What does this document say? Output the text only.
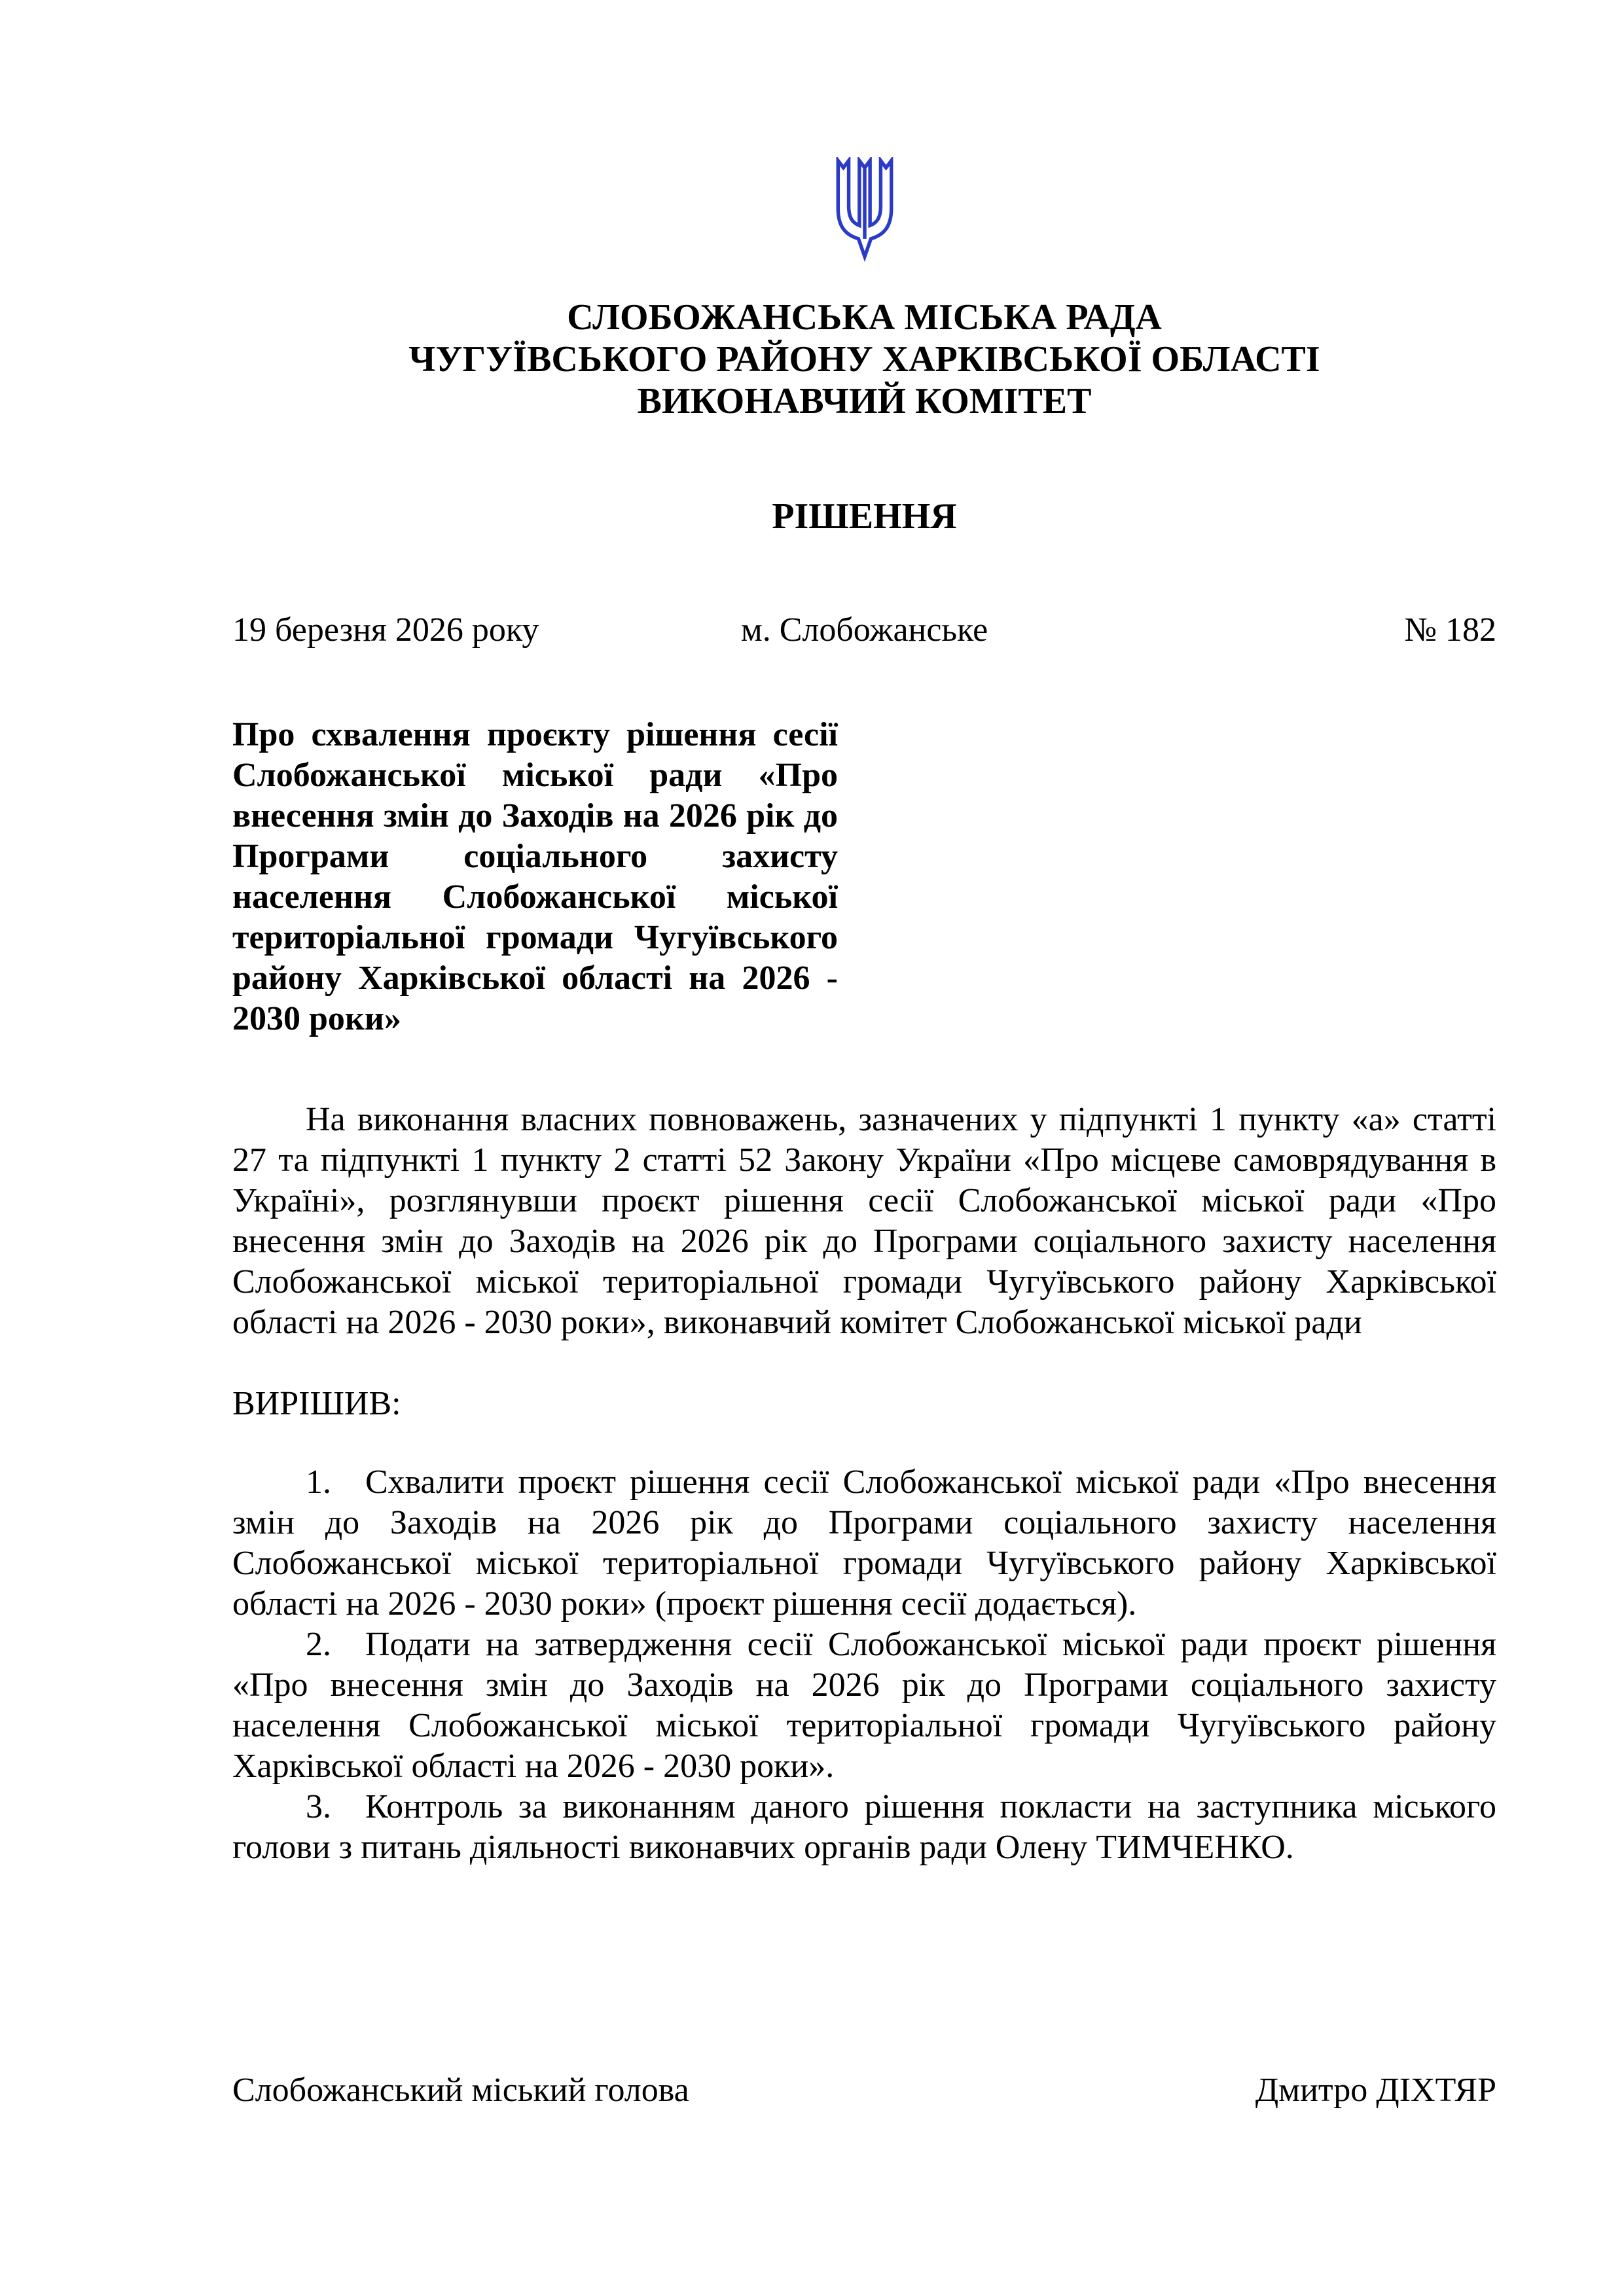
СЛОБОЖАНСЬКА МІСЬКА РАДА
ЧУГУЇВСЬКОГО РАЙОНУ ХАРКІВСЬКОЇ ОБЛАСТІ
ВИКОНАВЧИЙ КОМІТЕТ
РІШЕННЯ
19 березня 2026 року	м. Слобожанське	№ 182
Про схвалення проєкту рішення сесії Слобожанської міської ради «Про внесення змін до Заходів на 2026 рік до Програми соціального захисту населення Слобожанської міської територіальної громади Чугуївського району Харківської області на 2026 - 2030 роки»

На виконання власних повноважень, зазначених у підпункті 1 пункту «а» статті 27 та підпункті 1 пункту 2 статті 52 Закону України «Про місцеве самоврядування в Україні», розглянувши проєкт рішення сесії Слобожанської міської ради «Про внесення змін до Заходів на 2026 рік до Програми соціального захисту населення Слобожанської міської територіальної громади Чугуївського району Харківської області на 2026 - 2030 роки», виконавчий комітет Слобожанської міської ради

ВИРІШИВ:

1. Схвалити проєкт рішення сесії Слобожанської міської ради «Про внесення змін до Заходів на 2026 рік до Програми соціального захисту населення Слобожанської міської територіальної громади Чугуївського району Харківської області на 2026 - 2030 роки» (проєкт рішення сесії додається).

2. Подати на затвердження сесії Слобожанської міської ради проєкт рішення «Про внесення змін до Заходів на 2026 рік до Програми соціального захисту населення Слобожанської міської територіальної громади Чугуївського району Харківської області на 2026 - 2030 роки».

3. Контроль за виконанням даного рішення покласти на заступника міського голови з питань діяльності виконавчих органів ради Олену ТИМЧЕНКО.

Слобожанський міський голова	Дмитро ДІХТЯР
